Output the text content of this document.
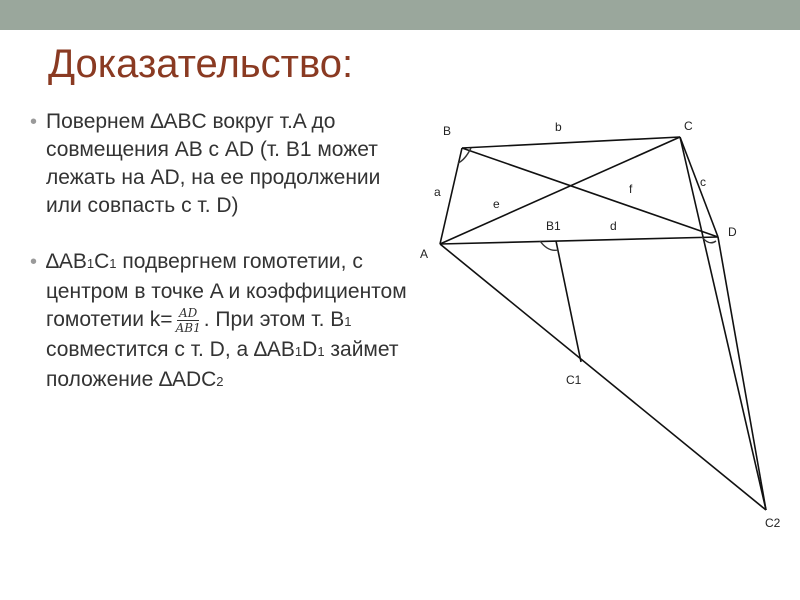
Доказательство:
• Повернем ∆ABC вокруг т.A до совмещения AB с AD (т. B1 может лежать на AD, на ее продолжении или совпасть с т. D)
• ∆AB1C1 подвергнем гомотетии, с центром в точке A и коэффициентом гомотетии $k= \frac{AD}{AB1}$ . При этом т. B1 совместится с т. D, а ∆AB1D1 займет положение ∆ADC2
B	C
D
A
B1
C1
C2
a
b
c
d
e
f
